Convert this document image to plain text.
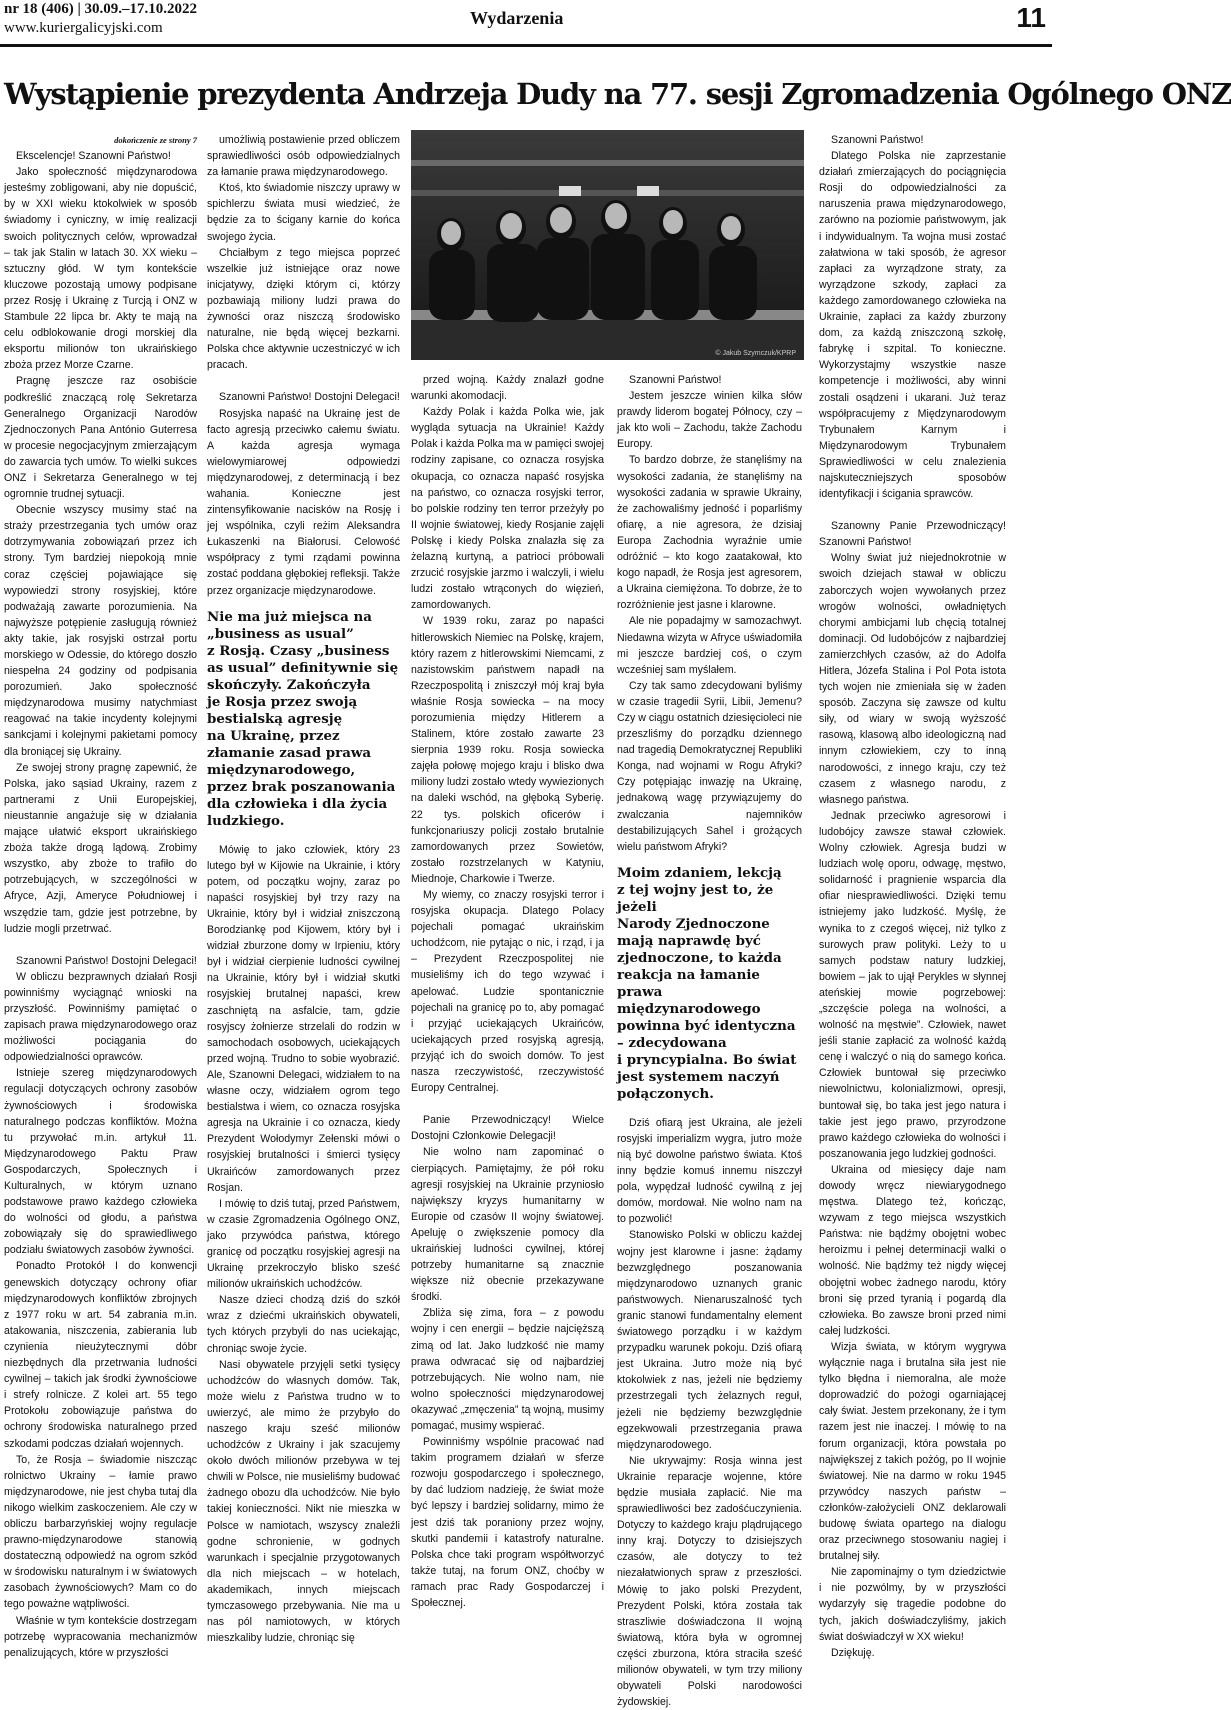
nr 18 (406) | 30.09.–17.10.2022
www.kuriergalicyjski.com	Wydarzenia	11
Wystąpienie prezydenta Andrzeja Dudy na 77. sesji Zgromadzenia Ogólnego ONZ

dokończenie ze strony 7

Ekscelencje! Szanowni Państwo!

Jako społeczność międzynarodowa jesteśmy zobligowani, aby nie dopuścić, by w XXI wieku ktokolwiek w sposób świadomy i cyniczny, w imię realizacji swoich politycznych celów, wprowadzał – tak jak Stalin w latach 30. XX wieku – sztuczny głód. W tym kontekście kluczowe pozostają umowy podpisane przez Rosję i Ukrainę z Turcją i ONZ w Stambule 22 lipca br. Akty te mają na celu odblokowanie drogi morskiej dla eksportu milionów ton ukraińskiego zboża przez Morze Czarne.

Pragnę jeszcze raz osobiście podkreślić znaczącą rolę Sekretarza Generalnego Organizacji Narodów Zjednoczonych Pana António Guterresa w procesie negocjacyjnym zmierzającym do zawarcia tych umów. To wielki sukces ONZ i Sekretarza Generalnego w tej ogromnie trudnej sytuacji.

Obecnie wszyscy musimy stać na straży przestrzegania tych umów oraz dotrzymywania zobowiązań przez ich strony. Tym bardziej niepokoją mnie coraz częściej pojawiające się wypowiedzi strony rosyjskiej, które podważają zawarte porozumienia. Na najwyższe potępienie zasługują również akty takie, jak rosyjski ostrzał portu morskiego w Odessie, do którego doszło niespełna 24 godziny od podpisania porozumień. Jako społeczność międzynarodowa musimy natychmiast reagować na takie incydenty kolejnymi sankcjami i kolejnymi pakietami pomocy dla broniącej się Ukrainy.

Ze swojej strony pragnę zapewnić, że Polska, jako sąsiad Ukrainy, razem z partnerami z Unii Europejskiej, nieustannie angażuje się w działania mające ułatwić eksport ukraińskiego zboża także drogą lądową. Zrobimy wszystko, aby zboże to trafiło do potrzebujących, w szczególności w Afryce, Azji, Ameryce Południowej i wszędzie tam, gdzie jest potrzebne, by ludzie mogli przetrwać.

Szanowni Państwo! Dostojni Delegaci!

W obliczu bezprawnych działań Rosji powinniśmy wyciągnąć wnioski na przyszłość. Powinniśmy pamiętać o zapisach prawa międzynarodowego oraz możliwości pociągania do odpowiedzialności oprawców.

Istnieje szereg międzynarodowych regulacji dotyczących ochrony zasobów żywnościowych i środowiska naturalnego podczas konfliktów. Można tu przywołać m.in. artykuł 11. Międzynarodowego Paktu Praw Gospodarczych, Społecznych i Kulturalnych, w którym uznano podstawowe prawo każdego człowieka do wolności od głodu, a państwa zobowiązały się do sprawiedliwego podziału światowych zasobów żywności.

Ponadto Protokół I do konwencji genewskich dotyczący ochrony ofiar międzynarodowych konfliktów zbrojnych z 1977 roku w art. 54 zabrania m.in. atakowania, niszczenia, zabierania lub czynienia nieużytecznymi dóbr niezbędnych dla przetrwania ludności cywilnej – takich jak środki żywnościowe i strefy rolnicze. Z kolei art. 55 tego Protokołu zobowiązuje państwa do ochrony środowiska naturalnego przed szkodami podczas działań wojennych.

To, że Rosja – świadomie niszcząc rolnictwo Ukrainy – łamie prawo międzynarodowe, nie jest chyba tutaj dla nikogo wielkim zaskoczeniem. Ale czy w obliczu barbarzyńskiej wojny regulacje prawno-międzynarodowe stanowią dostateczną odpowiedź na ogrom szkód w środowisku naturalnym i w światowych zasobach żywnościowych? Mam co do tego poważne wątpliwości.

Właśnie w tym kontekście dostrzegam potrzebę wypracowania mechanizmów penalizujących, które w przyszłości

umożliwią postawienie przed obliczem sprawiedliwości osób odpowiedzialnych za łamanie prawa międzynarodowego.

Ktoś, kto świadomie niszczy uprawy w spichlerzu świata musi wiedzieć, że będzie za to ścigany karnie do końca swojego życia.

Chciałbym z tego miejsca poprzeć wszelkie już istniejące oraz nowe inicjatywy, dzięki którym ci, którzy pozbawiają miliony ludzi prawa do żywności oraz niszczą środowisko naturalne, nie będą więcej bezkarni. Polska chce aktywnie uczestniczyć w ich pracach.

Szanowni Państwo! Dostojni Delegaci!

Rosyjska napaść na Ukrainę jest de facto agresją przeciwko całemu światu. A każda agresja wymaga wielowymiarowej odpowiedzi międzynarodowej, z determinacją i bez wahania. Konieczne jest zintensyfikowanie nacisków na Rosję i jej wspólnika, czyli reżim Aleksandra Łukaszenki na Białorusi. Celowość współpracy z tymi rządami powinna zostać poddana głębokiej refleksji. Także przez organizacje międzynarodowe.

Nie ma już miejsca na
„business as usual”
z Rosją. Czasy „business
as usual” definitywnie się
skończyły. Zakończyła
je Rosja przez swoją
bestialską agresję
na Ukrainę, przez
złamanie zasad prawa
międzynarodowego,
przez brak poszanowania
dla człowieka i dla życia
ludzkiego.

Mówię to jako człowiek, który 23 lutego był w Kijowie na Ukrainie, i który potem, od początku wojny, zaraz po napaści rosyjskiej był trzy razy na Ukrainie, który był i widział zniszczoną Borodziankę pod Kijowem, który był i widział zburzone domy w Irpieniu, który był i widział cierpienie ludności cywilnej na Ukrainie, który był i widział skutki rosyjskiej brutalnej napaści, krew zaschniętą na asfalcie, tam, gdzie rosyjscy żołnierze strzelali do rodzin w samochodach osobowych, uciekających przed wojną. Trudno to sobie wyobrazić. Ale, Szanowni Delegaci, widziałem to na własne oczy, widziałem ogrom tego bestialstwa i wiem, co oznacza rosyjska agresja na Ukrainie i co oznacza, kiedy Prezydent Wołodymyr Zełenski mówi o rosyjskiej brutalności i śmierci tysięcy Ukraińców zamordowanych przez Rosjan.

I mówię to dziś tutaj, przed Państwem, w czasie Zgromadzenia Ogólnego ONZ, jako przywódca państwa, którego granicę od początku rosyjskiej agresji na Ukrainę przekroczyło blisko sześć milionów ukraińskich uchodźców.

Nasze dzieci chodzą dziś do szkół wraz z dziećmi ukraińskich obywateli, tych których przybyli do nas uciekając, chroniąc swoje życie.

Nasi obywatele przyjęli setki tysięcy uchodźców do własnych domów. Tak, może wielu z Państwa trudno w to uwierzyć, ale mimo że przybyło do naszego kraju sześć milionów uchodźców z Ukrainy i jak szacujemy około dwóch milionów przebywa w tej chwili w Polsce, nie musieliśmy budować żadnego obozu dla uchodźców. Nie było takiej konieczności. Nikt nie mieszka w Polsce w namiotach, wszyscy znaleźli godne schronienie, w godnych warunkach i specjalnie przygotowanych dla nich miejscach – w hotelach, akademikach, innych miejscach tymczasowego przebywania. Nie ma u nas pól namiotowych, w których mieszkaliby ludzie, chroniąc się

© Jakub Szymczuk/KPRP

przed wojną. Każdy znalazł godne warunki akomodacji.

Każdy Polak i każda Polka wie, jak wygląda sytuacja na Ukrainie! Każdy Polak i każda Polka ma w pamięci swojej rodziny zapisane, co oznacza rosyjska okupacja, co oznacza napaść rosyjska na państwo, co oznacza rosyjski terror, bo polskie rodziny ten terror przeżyły po II wojnie światowej, kiedy Rosjanie zajęli Polskę i kiedy Polska znalazła się za żelazną kurtyną, a patrioci próbowali zrzucić rosyjskie jarzmo i walczyli, i wielu ludzi zostało wtrąconych do więzień, zamordowanych.

W 1939 roku, zaraz po napaści hitlerowskich Niemiec na Polskę, krajem, który razem z hitlerowskimi Niemcami, z nazistowskim państwem napadł na Rzeczpospolitą i zniszczył mój kraj była właśnie Rosja sowiecka – na mocy porozumienia między Hitlerem a Stalinem, które zostało zawarte 23 sierpnia 1939 roku. Rosja sowiecka zajęła połowę mojego kraju i blisko dwa miliony ludzi zostało wtedy wywiezionych na daleki wschód, na głęboką Syberię. 22 tys. polskich oficerów i funkcjonariuszy policji zostało brutalnie zamordowanych przez Sowietów, zostało rozstrzelanych w Katyniu, Miednoje, Charkowie i Twerze.

My wiemy, co znaczy rosyjski terror i rosyjska okupacja. Dlatego Polacy pojechali pomagać ukraińskim uchodźcom, nie pytając o nic, i rząd, i ja – Prezydent Rzeczpospolitej nie musieliśmy ich do tego wzywać i apelować. Ludzie spontanicznie pojechali na granicę po to, aby pomagać i przyjąć uciekających Ukraińców, uciekających przed rosyjską agresją, przyjąć ich do swoich domów. To jest nasza rzeczywistość, rzeczywistość Europy Centralnej.

Panie Przewodniczący! Wielce Dostojni Członkowie Delegacji!

Nie wolno nam zapominać o cierpiących. Pamiętajmy, że pół roku agresji rosyjskiej na Ukrainie przyniosło największy kryzys humanitarny w Europie od czasów II wojny światowej. Apeluję o zwiększenie pomocy dla ukraińskiej ludności cywilnej, której potrzeby humanitarne są znacznie większe niż obecnie przekazywane środki.

Zbliża się zima, fora – z powodu wojny i cen energii – będzie najcięższą zimą od lat. Jako ludzkość nie mamy prawa odwracać się od najbardziej potrzebujących. Nie wolno nam, nie wolno społeczności międzynarodowej okazywać „zmęczenia” tą wojną, musimy pomagać, musimy wspierać.

Powinniśmy wspólnie pracować nad takim programem działań w sferze rozwoju gospodarczego i społecznego, by dać ludziom nadzieję, że świat może być lepszy i bardziej solidarny, mimo że jest dziś tak poraniony przez wojny, skutki pandemii i katastrofy naturalne. Polska chce taki program współtworzyć także tutaj, na forum ONZ, choćby w ramach prac Rady Gospodarczej i Społecznej.

Szanowni Państwo!

Jestem jeszcze winien kilka słów prawdy liderom bogatej Północy, czy – jak kto woli – Zachodu, także Zachodu Europy.

To bardzo dobrze, że stanęliśmy na wysokości zadania, że stanęliśmy na wysokości zadania w sprawie Ukrainy, że zachowaliśmy jedność i poparliśmy ofiarę, a nie agresora, że dzisiaj Europa Zachodnia wyraźnie umie odróżnić – kto kogo zaatakował, kto kogo napadł, że Rosja jest agresorem, a Ukraina ciemiężona. To dobrze, że to rozróżnienie jest jasne i klarowne.

Ale nie popadajmy w samozachwyt. Niedawna wizyta w Afryce uświadomiła mi jeszcze bardziej coś, o czym wcześniej sam myślałem.

Czy tak samo zdecydowani byliśmy w czasie tragedii Syrii, Libii, Jemenu? Czy w ciągu ostatnich dziesięcioleci nie przeszliśmy do porządku dziennego nad tragedią Demokratycznej Republiki Konga, nad wojnami w Rogu Afryki? Czy potępiając inwazję na Ukrainę, jednakową wagę przywiązujemy do zwalczania najemników destabilizujących Sahel i grożących wielu państwom Afryki?

Moim zdaniem, lekcją
z tej wojny jest to, że jeżeli
Narody Zjednoczone
mają naprawdę być
zjednoczone, to każda
reakcja na łamanie prawa
międzynarodowego
powinna być identyczna
– zdecydowana
i pryncypialna. Bo świat
jest systemem naczyń
połączonych.

Dziś ofiarą jest Ukraina, ale jeżeli rosyjski imperializm wygra, jutro może nią być dowolne państwo świata. Ktoś inny będzie komuś innemu niszczył pola, wypędzał ludność cywilną z jej domów, mordował. Nie wolno nam na to pozwolić!

Stanowisko Polski w obliczu każdej wojny jest klarowne i jasne: żądamy bezwzględnego poszanowania międzynarodowo uznanych granic państwowych. Nienaruszalność tych granic stanowi fundamentalny element światowego porządku i w każdym przypadku warunek pokoju. Dziś ofiarą jest Ukraina. Jutro może nią być ktokolwiek z nas, jeżeli nie będziemy przestrzegali tych żelaznych reguł, jeżeli nie będziemy bezwzględnie egzekwowali przestrzegania prawa międzynarodowego.

Nie ukrywajmy: Rosja winna jest Ukrainie reparacje wojenne, które będzie musiała zapłacić. Nie ma sprawiedliwości bez zadośćuczynienia. Dotyczy to każdego kraju plądrującego inny kraj. Dotyczy to dzisiejszych czasów, ale dotyczy to też niezałatwionych spraw z przeszłości. Mówię to jako polski Prezydent, Prezydent Polski, która została tak straszliwie doświadczona II wojną światową, która była w ogromnej części zburzona, która straciła sześć milionów obywateli, w tym trzy miliony obywateli Polski narodowości żydowskiej.

Szanowni Państwo!

Dlatego Polska nie zaprzestanie działań zmierzających do pociągnięcia Rosji do odpowiedzialności za naruszenia prawa międzynarodowego, zarówno na poziomie państwowym, jak i indywidualnym. Ta wojna musi zostać załatwiona w taki sposób, że agresor zapłaci za wyrządzone straty, za wyrządzone szkody, zapłaci za każdego zamordowanego człowieka na Ukrainie, zapłaci za każdy zburzony dom, za każdą zniszczoną szkołę, fabrykę i szpital. To konieczne. Wykorzystajmy wszystkie nasze kompetencje i możliwości, aby winni zostali osądzeni i ukarani. Już teraz współpracujemy z Międzynarodowym Trybunałem Karnym i Międzynarodowym Trybunałem Sprawiedliwości w celu znalezienia najskuteczniejszych sposobów identyfikacji i ścigania sprawców.

Szanowny Panie Przewodniczący! Szanowni Państwo!

Wolny świat już niejednokrotnie w swoich dziejach stawał w obliczu zaborczych wojen wywołanych przez wrogów wolności, owładniętych chorymi ambicjami lub chęcią totalnej dominacji. Od ludobójców z najbardziej zamierzchłych czasów, aż do Adolfa Hitlera, Józefa Stalina i Pol Pota istota tych wojen nie zmieniała się w żaden sposób. Zaczyna się zawsze od kultu siły, od wiary w swoją wyższość rasową, klasową albo ideologiczną nad innym człowiekiem, czy to inną narodowości, z innego kraju, czy też czasem z własnego narodu, z własnego państwa.

Jednak przeciwko agresorowi i ludobójcy zawsze stawał człowiek. Wolny człowiek. Agresja budzi w ludziach wolę oporu, odwagę, męstwo, solidarność i pragnienie wsparcia dla ofiar niesprawiedliwości. Dzięki temu istniejemy jako ludzkość. Myślę, że wynika to z czegoś więcej, niż tylko z surowych praw polityki. Leży to u samych podstaw natury ludzkiej, bowiem – jak to ujął Perykles w słynnej ateńskiej mowie pogrzebowej: „szczęście polega na wolności, a wolność na męstwie”. Człowiek, nawet jeśli stanie zapłacić za wolność każdą cenę i walczyć o nią do samego końca. Człowiek buntował się przeciwko niewolnictwu, kolonializmowi, opresji, buntował się, bo taka jest jego natura i takie jest jego prawo, przyrodzone prawo każdego człowieka do wolności i poszanowania jego ludzkiej godności.

Ukraina od miesięcy daje nam dowody wręcz niewiarygodnego męstwa. Dlatego też, kończąc, wzywam z tego miejsca wszystkich Państwa: nie bądźmy obojętni wobec heroizmu i pełnej determinacji walki o wolność. Nie bądźmy też nigdy więcej obojętni wobec żadnego narodu, który broni się przed tyranią i pogardą dla człowieka. Bo zawsze broni przed nimi całej ludzkości.

Wizja świata, w którym wygrywa wyłącznie naga i brutalna siła jest nie tylko błędna i niemoralna, ale może doprowadzić do pożogi ogarniającej cały świat. Jestem przekonany, że i tym razem jest nie inaczej. I mówię to na forum organizacji, która powstała po największej z takich pożóg, po II wojnie światowej. Nie na darmo w roku 1945 przywódcy naszych państw – członków-założycieli ONZ deklarowali budowę świata opartego na dialogu oraz przeciwnego stosowaniu nagiej i brutalnej siły.

Nie zapominajmy o tym dziedzictwie i nie pozwólmy, by w przyszłości wydarzyły się tragedie podobne do tych, jakich doświadczyliśmy, jakich świat doświadczył w XX wieku!

Dziękuję.
